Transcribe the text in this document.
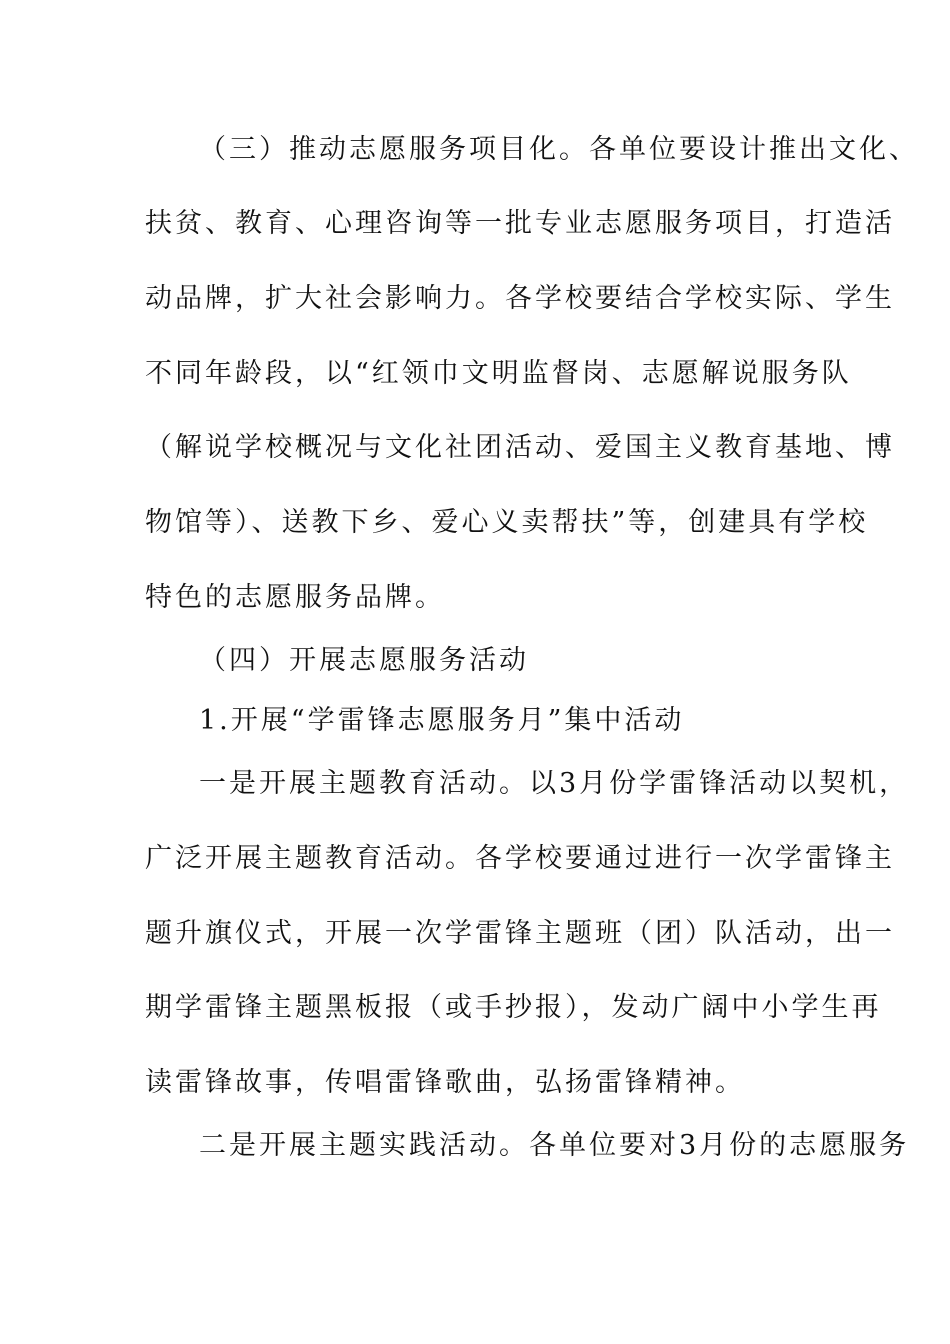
（三）推动志愿服务项目化。各单位要设计推出文化、
扶贫、教育、心理咨询等一批专业志愿服务项目，打造活
动品牌，扩大社会影响力。各学校要结合学校实际、学生
不同年龄段，以“红领巾文明监督岗、志愿解说服务队
（解说学校概况与文化社团活动、爱国主义教育基地、博
物馆等）、送教下乡、爱心义卖帮扶”等，创建具有学校
特色的志愿服务品牌。
（四）开展志愿服务活动
1.开展“学雷锋志愿服务月”集中活动
一是开展主题教育活动。以3月份学雷锋活动以契机，
广泛开展主题教育活动。各学校要通过进行一次学雷锋主
题升旗仪式，开展一次学雷锋主题班（团）队活动，出一
期学雷锋主题黑板报（或手抄报），发动广阔中小学生再
读雷锋故事，传唱雷锋歌曲，弘扬雷锋精神。
二是开展主题实践活动。各单位要对3月份的志愿服务
